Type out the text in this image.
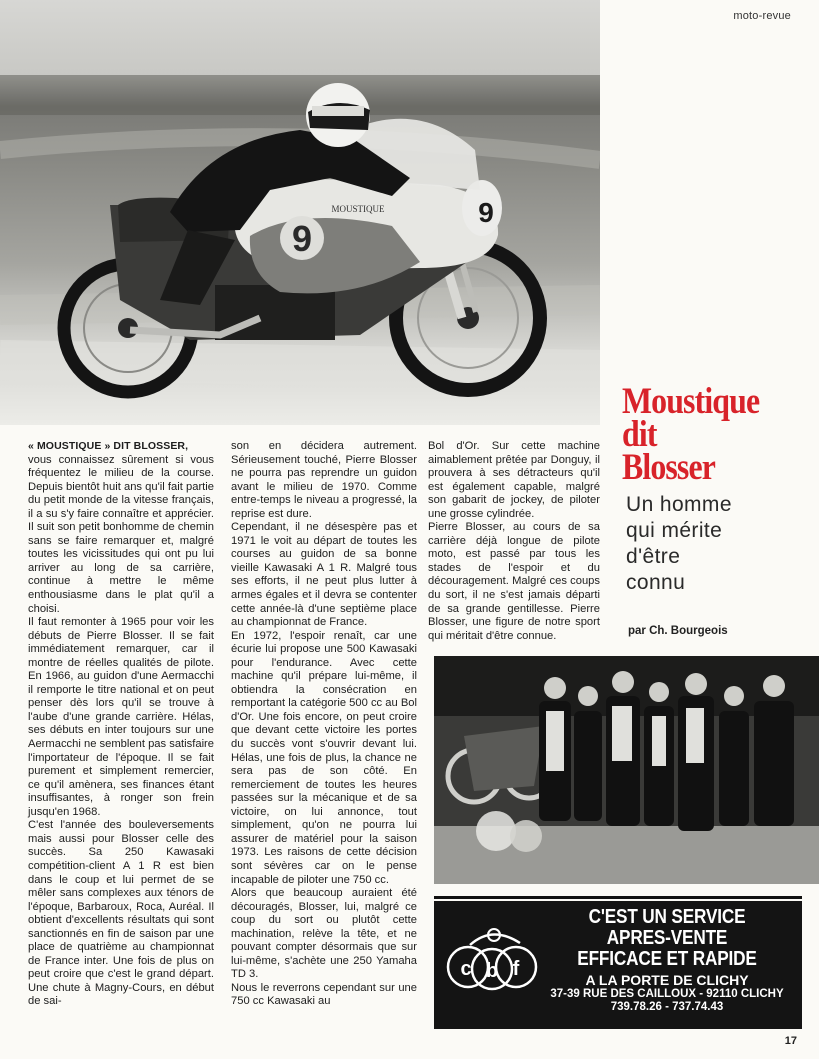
moto-revue
9
MOUSTIQUE	9

« MOUSTIQUE » DIT BLOSSER,

vous connaissez sûrement si vous fréquentez le milieu de la course. Depuis bientôt huit ans qu'il fait partie du petit monde de la vitesse français, il a su s'y faire connaître et apprécier. Il suit son petit bonhomme de chemin sans se faire remarquer et, malgré toutes les vicissitudes qui ont pu lui arriver au long de sa carrière, continue à mettre le même enthousiasme dans le plat qu'il a choisi.

Il faut remonter à 1965 pour voir les débuts de Pierre Blosser. Il se fait immédiatement remarquer, car il montre de réelles qualités de pilote. En 1966, au guidon d'une Aermacchi il remporte le titre national et on peut penser dès lors qu'il se trouve à l'aube d'une grande carrière. Hélas, ses débuts en inter toujours sur une Aermacchi ne semblent pas satisfaire l'importateur de l'époque. Il se fait purement et simplement remercier, ce qu'il amènera, ses finances étant insuffisantes, à ronger son frein jusqu'en 1968.

C'est l'année des bouleversements mais aussi pour Blosser celle des succès. Sa 250 Kawasaki compétition-client A 1 R est bien dans le coup et lui permet de se mêler sans complexes aux ténors de l'époque, Barbaroux, Roca, Auréal. Il obtient d'excellents résultats qui sont sanctionnés en fin de saison par une place de quatrième au championnat de France inter. Une fois de plus on peut croire que c'est le grand départ. Une chute à Magny-Cours, en début de sai-

son en décidera autrement. Sérieusement touché, Pierre Blosser ne pourra pas reprendre un guidon avant le milieu de 1970. Comme entre-temps le niveau a progressé, la reprise est dure.

Cependant, il ne désespère pas et 1971 le voit au départ de toutes les courses au guidon de sa bonne vieille Kawasaki A 1 R. Malgré tous ses efforts, il ne peut plus lutter à armes égales et il devra se contenter cette année-là d'une septième place au championnat de France.

En 1972, l'espoir renaît, car une écurie lui propose une 500 Kawasaki pour l'endurance. Avec cette machine qu'il prépare lui-même, il obtiendra la consécration en remportant la catégorie 500 cc au Bol d'Or. Une fois encore, on peut croire que devant cette victoire les portes du succès vont s'ouvrir devant lui. Hélas, une fois de plus, la chance ne sera pas de son côté. En remerciement de toutes les heures passées sur la mécanique et de sa victoire, on lui annonce, tout simplement, qu'on ne pourra lui assurer de matériel pour la saison 1973. Les raisons de cette décision sont sévères car on le pense incapable de piloter une 750 cc.

Alors que beaucoup auraient été découragés, Blosser, lui, malgré ce coup du sort ou plutôt cette machination, relève la tête, et ne pouvant compter désormais que sur lui-même, s'achète une 250 Yamaha TD 3.

Nous le reverrons cependant sur une 750 cc Kawasaki au

Bol d'Or. Sur cette machine aimablement prêtée par Donguy, il prouvera à ses détracteurs qu'il est également capable, malgré son gabarit de jockey, de piloter une grosse cylindrée.

Pierre Blosser, au cours de sa carrière déjà longue de pilote moto, est passé par tous les stades de l'espoir et du découragement. Malgré ces coups du sort, il ne s'est jamais départi de sa grande gentillesse. Pierre Blosser, une figure de notre sport qui méritait d'être connue.

Moustique
dit
Blosser
Un homme
qui mérite
d'être
connu
par Ch. Bourgeois
c b f
C'EST UN SERVICE
APRES-VENTE
EFFICACE ET RAPIDE
A LA PORTE DE CLICHY
37-39 RUE DES CAILLOUX - 92110 CLICHY
739.78.26 - 737.74.43
17
